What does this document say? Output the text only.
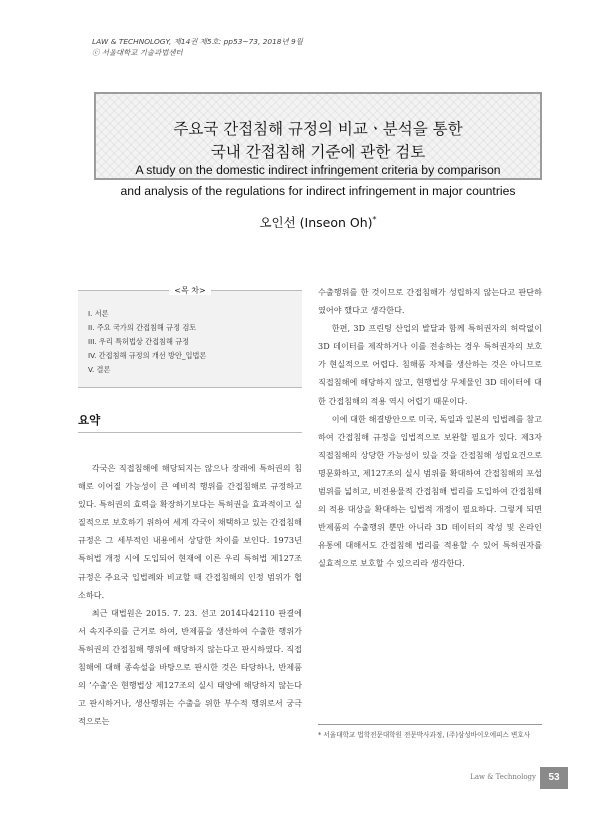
LAW & TECHNOLOGY, 제14권 제5호: pp53~73, 2018년 9월
ⓒ 서울대학교 기술과법센터
주요국 간접침해 규정의 비교ㆍ분석을 통한
국내 간접침해 기준에 관한 검토
A study on the domestic indirect infringement criteria by comparison
and analysis of the regulations for indirect infringement in major countries
오인선 (Inseon Oh)*
<목 차>
I. 서론
II. 주요 국가의 간접침해 규정 검토
III. 우리 특허법상 간접침해 규정
IV. 간접침해 규정의 개선 방안_입법론
V. 결론
요약

각국은 직접침해에 해당되지는 않으나 장래에 특허권의 침해로 이어질 가능성이 큰 예비적 행위를 간접침해로 규정하고 있다. 특허권의 효력을 확장하기보다는 특허권을 효과적이고 실질적으로 보호하기 위하여 세계 각국이 채택하고 있는 간접침해 규정은 그 세부적인 내용에서 상당한 차이를 보인다. 1973년 특허법 개정 시에 도입되어 현재에 이른 우리 특허법 제127조 규정은 주요국 입법례와 비교할 때 간접침해의 인정 범위가 협소하다.

최근 대법원은 2015. 7. 23. 선고 2014다42110 판결에서 속지주의를 근거로 하여, 반제품을 생산하여 수출한 행위가 특허권의 간접침해 행위에 해당하지 않는다고 판시하였다. 직접침해에 대해 종속설을 바탕으로 판시한 것은 타당하나, 반제품의 ‘수출’은 현행법상 제127조의 실시 태양에 해당하지 않는다고 판시하거나, 생산행위는 수출을 위한 부수적 행위로서 궁극적으로는

수출행위를 한 것이므로 간접침해가 성립하지 않는다고 판단하였어야 했다고 생각한다.

한편, 3D 프린팅 산업의 발달과 함께 특허권자의 허락없이 3D 데이터를 제작하거나 이를 전송하는 경우 특허권자의 보호가 현실적으로 어렵다. 침해품 자체를 생산하는 것은 아니므로 직접침해에 해당하지 않고, 현행법상 무체물인 3D 데이터에 대한 간접침해의 적용 역시 어렵기 때문이다.

이에 대한 해결방안으로 미국, 독일과 일본의 입법례를 참고하여 간접침해 규정을 입법적으로 보완할 필요가 있다. 제3자 직접침해의 상당한 가능성이 있을 것을 간접침해 성립요건으로 명문화하고, 제127조의 실시 범위를 확대하여 간접침해의 포섭 범위를 넓히고, 비전용물적 간접침해 법리를 도입하여 간접침해의 적용 대상을 확대하는 입법적 개정이 필요하다. 그렇게 되면 반제품의 수출행위 뿐만 아니라 3D 데이터의 작성 및 온라인 유통에 대해서도 간접침해 법리를 적용할 수 있어 특허권자를 실효적으로 보호할 수 있으리라 생각한다.

* 서울대학교 법학전문대학원 전문박사과정, (주)삼성바이오에피스 변호사
Law & Technology	53
